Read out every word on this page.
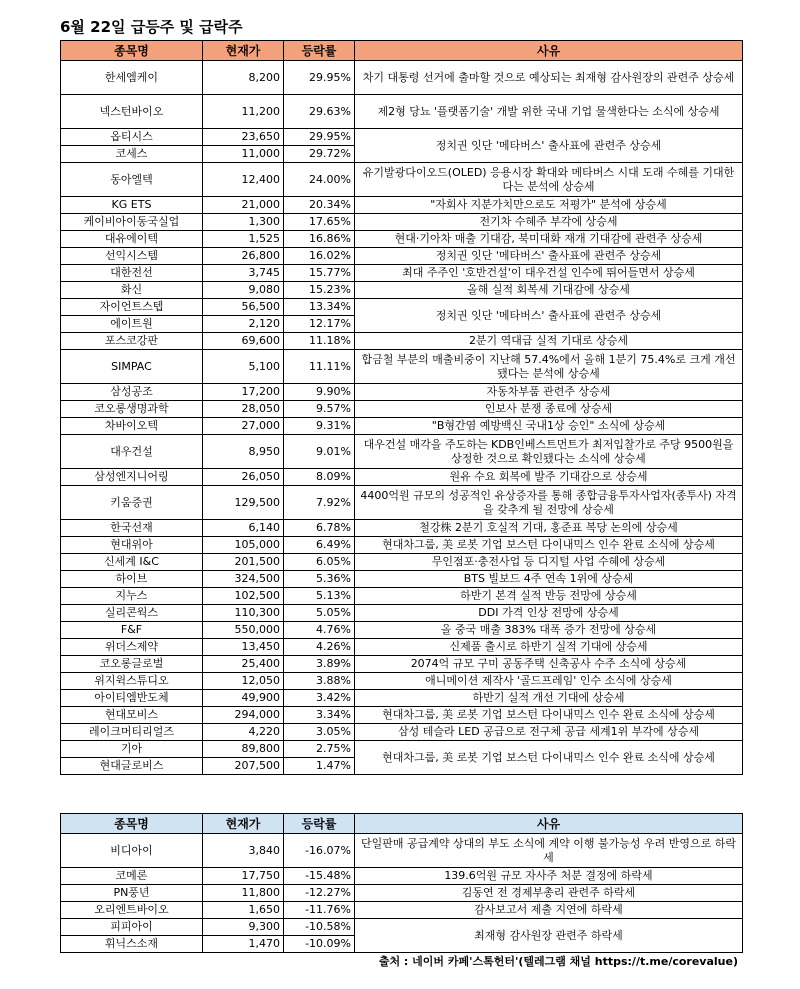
6월 22일 급등주 및 급락주
종목명	현재가	등락률	사유
한세엠케이	8,200	29.95%	차기 대통령 선거에 출마할 것으로 예상되는 최재형 감사원장의 관련주 상승세
넥스턴바이오	11,200	29.63%	제2형 당뇨 '플랫폼기술' 개발 위한 국내 기업 물색한다는 소식에 상승세
옵티시스	23,650	29.95%	정치권 잇단 '메타버스' 출사표에 관련주 상승세
코세스	11,000	29.72%	
동아엘텍	12,400	24.00%	유기발광다이오드(OLED) 응용시장 확대와 메타버스 시대 도래 수혜를 기대한다는 분석에 상승세
KG ETS	21,000	20.34%	"자회사 지분가치만으로도 저평가" 분석에 상승세
케이비아이동국실업	1,300	17.65%	전기차 수혜주 부각에 상승세
대유에이텍	1,525	16.86%	현대·기아차 매출 기대감, 북미대화 재개 기대감에 관련주 상승세
선익시스템	26,800	16.02%	정치권 잇단 '메타버스' 출사표에 관련주 상승세
대한전선	3,745	15.77%	최대 주주인 '호반건설'이 대우건설 인수에 뛰어들면서 상승세
화신	9,080	15.23%	올해 실적 회복세 기대감에 상승세
자이언트스텝	56,500	13.34%	정치권 잇단 '메타버스' 출사표에 관련주 상승세
에이트원	2,120	12.17%	
포스코강판	69,600	11.18%	2분기 역대급 실적 기대로 상승세
SIMPAC	5,100	11.11%	합금철 부분의 매출비중이 지난해 57.4%에서 올해 1분기 75.4%로 크게 개선됐다는 분석에 상승세
삼성공조	17,200	9.90%	자동차부품 관련주 상승세
코오롱생명과학	28,050	9.57%	인보사 분쟁 종료에 상승세
차바이오텍	27,000	9.31%	"B형간염 예방백신 국내1상 승인" 소식에 상승세
대우건설	8,950	9.01%	대우건설 매각을 주도하는 KDB인베스트먼트가 최저입찰가로 주당 9500원을 상정한 것으로 확인됐다는 소식에 상승세
삼성엔지니어링	26,050	8.09%	원유 수요 회복에 발주 기대감으로 상승세
키움증권	129,500	7.92%	4400억원 규모의 성공적인 유상증자를 통해 종합금융투자사업자(종투사) 자격을 갖추게 될 전망에 상승세
한국선재	6,140	6.78%	철강株 2분기 호실적 기대, 홍준표 복당 논의에 상승세
현대위아	105,000	6.49%	현대차그룹, 美 로봇 기업 보스턴 다이내믹스 인수 완료 소식에 상승세
신세계 I&C	201,500	6.05%	무인점포·충전사업 등 디지털 사업 수혜에 상승세
하이브	324,500	5.36%	BTS 빌보드 4주 연속 1위에 상승세
지누스	102,500	5.13%	하반기 본격 실적 반등 전망에 상승세
실리콘웍스	110,300	5.05%	DDI 가격 인상 전망에 상승세
F&F	550,000	4.76%	올 중국 매출 383% 대폭 증가 전망에 상승세
위더스제약	13,450	4.26%	신제품 출시로 하반기 실적 기대에 상승세
코오롱글로벌	25,400	3.89%	2074억 규모 구미 공동주택 신축공사 수주 소식에 상승세
위지윅스튜디오	12,050	3.88%	애니메이션 제작사 '골드프레임' 인수 소식에 상승세
아이티엠반도체	49,900	3.42%	하반기 실적 개선 기대에 상승세
현대모비스	294,000	3.34%	현대차그룹, 美 로봇 기업 보스턴 다이내믹스 인수 완료 소식에 상승세
레이크머티리얼즈	4,220	3.05%	삼성 테슬라 LED 공급으로 전구체 공급 세계1위 부각에 상승세
기아	89,800	2.75%	현대차그룹, 美 로봇 기업 보스턴 다이내믹스 인수 완료 소식에 상승세
현대글로비스	207,500	1.47%	
종목명	현재가	등락률	사유
비디아이	3,840	-16.07%	단일판매 공급계약 상대의 부도 소식에 계약 이행 불가능성 우려 반영으로 하락세
코메론	17,750	-15.48%	139.6억원 규모 자사주 처분 결정에 하락세
PN풍년	11,800	-12.27%	김동연 전 경제부총리 관련주 하락세
오리엔트바이오	1,650	-11.76%	감사보고서 제출 지연에 하락세
피피아이	9,300	-10.58%	최재형 감사원장 관련주 하락세
휘닉스소재	1,470	-10.09%	
출처 : 네이버 카페'스톡헌터'(텔레그램 채널 https://t.me/corevalue)
